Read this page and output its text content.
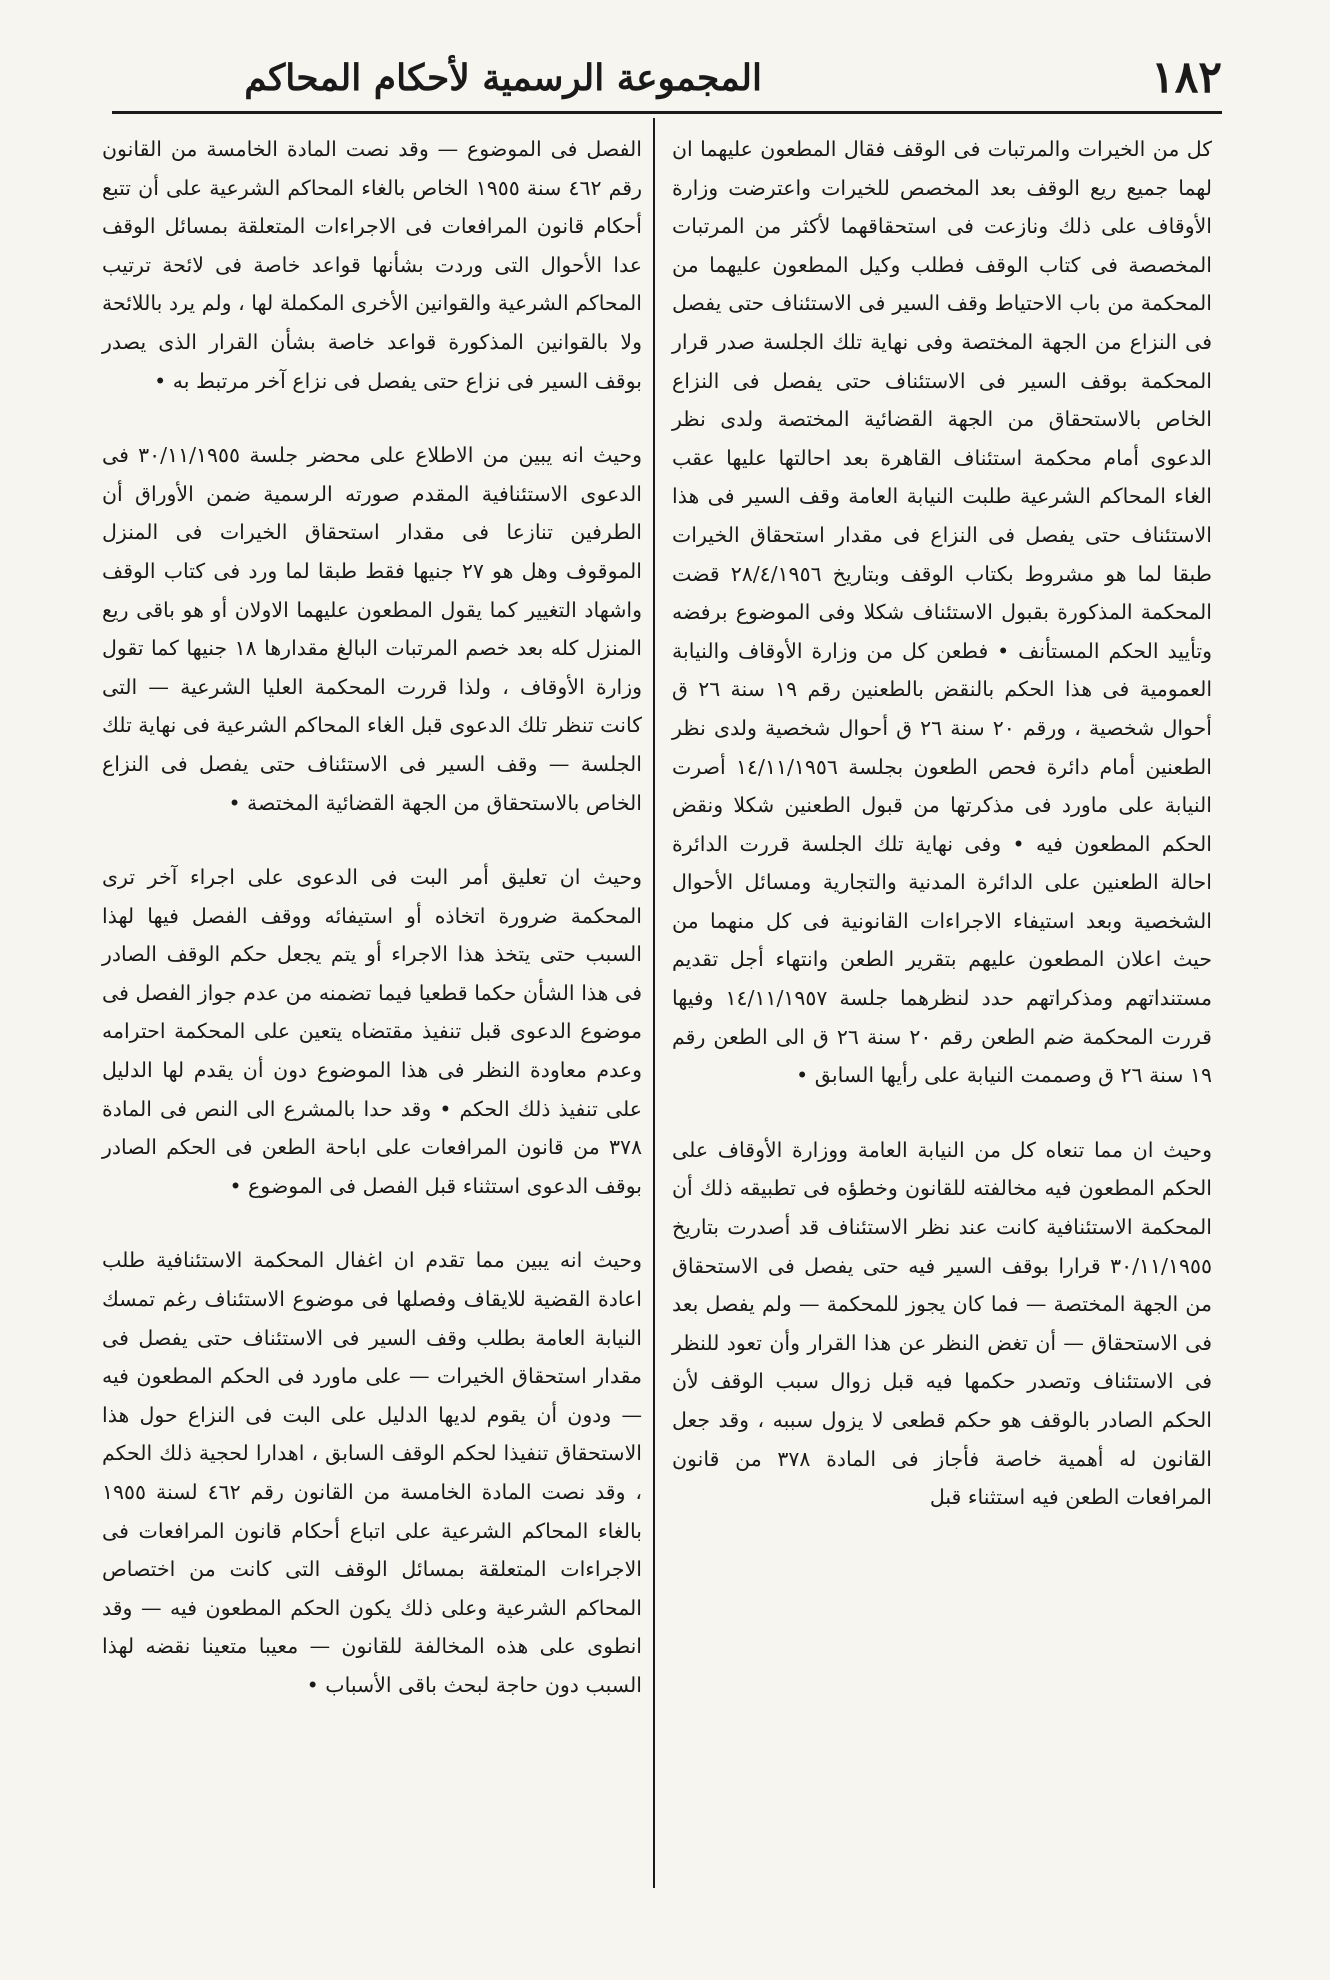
١٨٢
المجموعة الرسمية لأحكام المحاكم

كل من الخيرات والمرتبات فى الوقف فقال المطعون عليهما ان لهما جميع ريع الوقف بعد المخصص للخيرات واعترضت وزارة الأوقاف على ذلك ونازعت فى استحقاقهما لأكثر من المرتبات المخصصة فى كتاب الوقف فطلب وكيل المطعون عليهما من المحكمة من باب الاحتياط وقف السير فى الاستئناف حتى يفصل فى النزاع من الجهة المختصة وفى نهاية تلك الجلسة صدر قرار المحكمة بوقف السير فى الاستئناف حتى يفصل فى النزاع الخاص بالاستحقاق من الجهة القضائية المختصة ولدى نظر الدعوى أمام محكمة استئناف القاهرة بعد احالتها عليها عقب الغاء المحاكم الشرعية طلبت النيابة العامة وقف السير فى هذا الاستئناف حتى يفصل فى النزاع فى مقدار استحقاق الخيرات طبقا لما هو مشروط بكتاب الوقف وبتاريخ ٢٨/٤/١٩٥٦ قضت المحكمة المذكورة بقبول الاستئناف شكلا وفى الموضوع برفضه وتأييد الحكم المستأنف • فطعن كل من وزارة الأوقاف والنيابة العمومية فى هذا الحكم بالنقض بالطعنين رقم ١٩ سنة ٢٦ ق أحوال شخصية ، ورقم ٢٠ سنة ٢٦ ق أحوال شخصية ولدى نظر الطعنين أمام دائرة فحص الطعون بجلسة ١٤/١١/١٩٥٦ أصرت النيابة على ماورد فى مذكرتها من قبول الطعنين شكلا ونقض الحكم المطعون فيه • وفى نهاية تلك الجلسة قررت الدائرة احالة الطعنين على الدائرة المدنية والتجارية ومسائل الأحوال الشخصية وبعد استيفاء الاجراءات القانونية فى كل منهما من حيث اعلان المطعون عليهم بتقرير الطعن وانتهاء أجل تقديم مستنداتهم ومذكراتهم حدد لنظرهما جلسة ١٤/١١/١٩٥٧ وفيها قررت المحكمة ضم الطعن رقم ٢٠ سنة ٢٦ ق الى الطعن رقم ١٩ سنة ٢٦ ق وصممت النيابة على رأيها السابق •

وحيث ان مما تنعاه كل من النيابة العامة ووزارة الأوقاف على الحكم المطعون فيه مخالفته للقانون وخطؤه فى تطبيقه ذلك أن المحكمة الاستئنافية كانت عند نظر الاستئناف قد أصدرت بتاريخ ٣٠/١١/١٩٥٥ قرارا بوقف السير فيه حتى يفصل فى الاستحقاق من الجهة المختصة — فما كان يجوز للمحكمة — ولم يفصل بعد فى الاستحقاق — أن تغض النظر عن هذا القرار وأن تعود للنظر فى الاستئناف وتصدر حكمها فيه قبل زوال سبب الوقف لأن الحكم الصادر بالوقف هو حكم قطعى لا يزول سببه ، وقد جعل القانون له أهمية خاصة فأجاز فى المادة ٣٧٨ من قانون المرافعات الطعن فيه استثناء قبل

الفصل فى الموضوع — وقد نصت المادة الخامسة من القانون رقم ٤٦٢ سنة ١٩٥٥ الخاص بالغاء المحاكم الشرعية على أن تتبع أحكام قانون المرافعات فى الاجراءات المتعلقة بمسائل الوقف عدا الأحوال التى وردت بشأنها قواعد خاصة فى لائحة ترتيب المحاكم الشرعية والقوانين الأخرى المكملة لها ، ولم يرد باللائحة ولا بالقوانين المذكورة قواعد خاصة بشأن القرار الذى يصدر بوقف السير فى نزاع حتى يفصل فى نزاع آخر مرتبط به •

وحيث انه يبين من الاطلاع على محضر جلسة ٣٠/١١/١٩٥٥ فى الدعوى الاستئنافية المقدم صورته الرسمية ضمن الأوراق أن الطرفين تنازعا فى مقدار استحقاق الخيرات فى المنزل الموقوف وهل هو ٢٧ جنيها فقط طبقا لما ورد فى كتاب الوقف واشهاد التغيير كما يقول المطعون عليهما الاولان أو هو باقى ريع المنزل كله بعد خصم المرتبات البالغ مقدارها ١٨ جنيها كما تقول وزارة الأوقاف ، ولذا قررت المحكمة العليا الشرعية — التى كانت تنظر تلك الدعوى قبل الغاء المحاكم الشرعية فى نهاية تلك الجلسة — وقف السير فى الاستئناف حتى يفصل فى النزاع الخاص بالاستحقاق من الجهة القضائية المختصة •

وحيث ان تعليق أمر البت فى الدعوى على اجراء آخر ترى المحكمة ضرورة اتخاذه أو استيفائه ووقف الفصل فيها لهذا السبب حتى يتخذ هذا الاجراء أو يتم يجعل حكم الوقف الصادر فى هذا الشأن حكما قطعيا فيما تضمنه من عدم جواز الفصل فى موضوع الدعوى قبل تنفيذ مقتضاه يتعين على المحكمة احترامه وعدم معاودة النظر فى هذا الموضوع دون أن يقدم لها الدليل على تنفيذ ذلك الحكم • وقد حدا بالمشرع الى النص فى المادة ٣٧٨ من قانون المرافعات على اباحة الطعن فى الحكم الصادر بوقف الدعوى استثناء قبل الفصل فى الموضوع •

وحيث انه يبين مما تقدم ان اغفال المحكمة الاستئنافية طلب اعادة القضية للايقاف وفصلها فى موضوع الاستئناف رغم تمسك النيابة العامة بطلب وقف السير فى الاستئناف حتى يفصل فى مقدار استحقاق الخيرات — على ماورد فى الحكم المطعون فيه — ودون أن يقوم لديها الدليل على البت فى النزاع حول هذا الاستحقاق تنفيذا لحكم الوقف السابق ، اهدارا لحجية ذلك الحكم ، وقد نصت المادة الخامسة من القانون رقم ٤٦٢ لسنة ١٩٥٥ بالغاء المحاكم الشرعية على اتباع أحكام قانون المرافعات فى الاجراءات المتعلقة بمسائل الوقف التى كانت من اختصاص المحاكم الشرعية وعلى ذلك يكون الحكم المطعون فيه — وقد انطوى على هذه المخالفة للقانون — معيبا متعينا نقضه لهذا السبب دون حاجة لبحث باقى الأسباب •
